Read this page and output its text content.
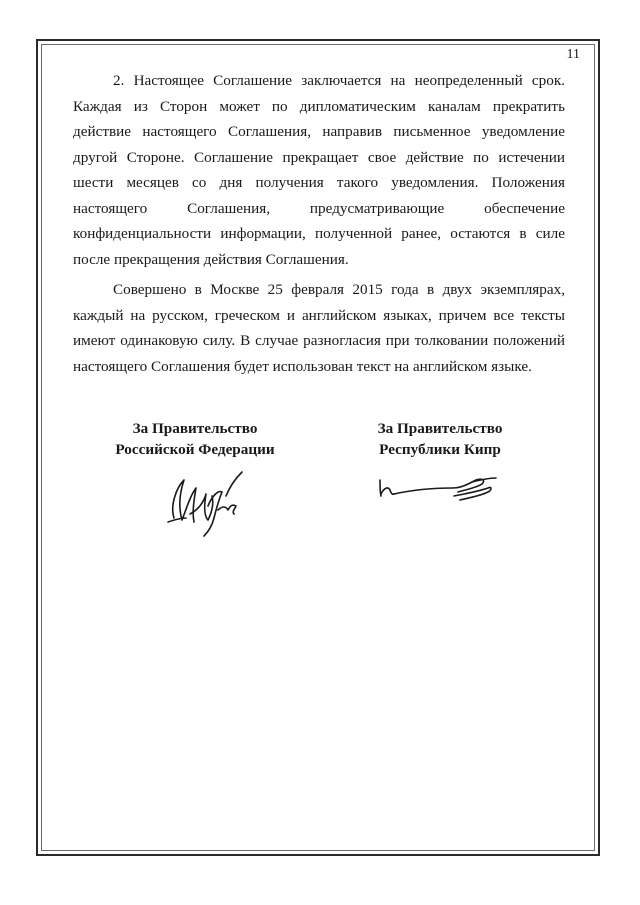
11

2. Настоящее Соглашение заключается на неопределенный срок. Каждая из Сторон может по дипломатическим каналам прекратить действие настоящего Соглашения, направив письменное уведомление другой Стороне. Соглашение прекращает свое действие по истечении шести месяцев со дня получения такого уведомления. Положения настоящего Соглашения, предусматривающие обеспечение конфиденциальности информации, полученной ранее, остаются в силе после прекращения действия Соглашения.

Совершено в Москве 25 февраля 2015 года в двух экземплярах, каждый на русском, греческом и английском языках, причем все тексты имеют одинаковую силу. В случае разногласия при толковании положений настоящего Соглашения будет использован текст на английском языке.

За Правительство
Российской Федерации
За Правительство
Республики Кипр
